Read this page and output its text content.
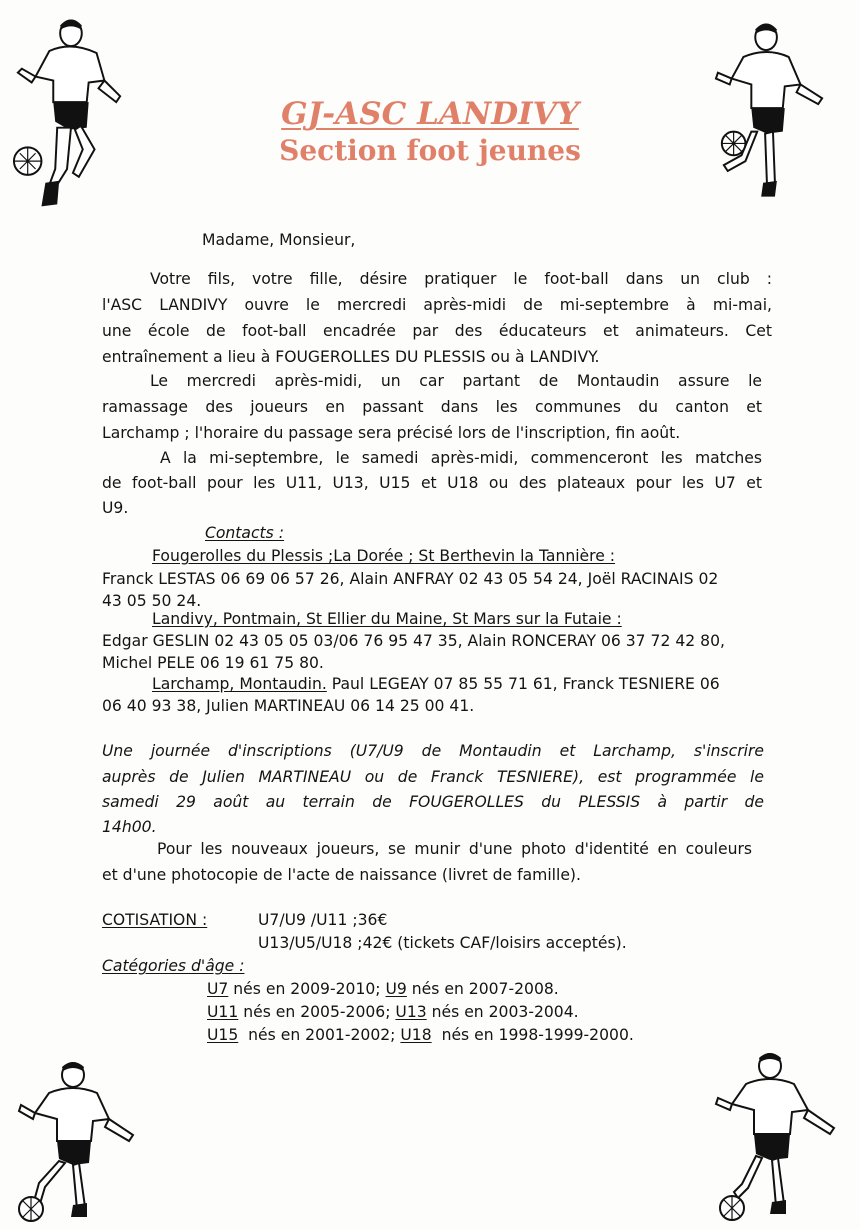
GJ-ASC LANDIVY
Section foot jeunes
Madame, Monsieur,
Votre fils, votre fille, désire pratiquer le foot-ball dans un club :
l'ASC LANDIVY ouvre le mercredi après-midi de mi-septembre à mi-mai,
une école de foot-ball encadrée par des éducateurs et animateurs. Cet
entraînement a lieu à FOUGEROLLES DU PLESSIS ou à LANDIVY.
Le mercredi après-midi, un car partant de Montaudin assure le
ramassage des joueurs en passant dans les communes du canton et
Larchamp ; l'horaire du passage sera précisé lors de l'inscription, fin août.
A la mi-septembre, le samedi après-midi, commenceront les matches
de foot-ball pour les U11, U13, U15 et U18 ou des plateaux pour les U7 et
U9.
Contacts :
Fougerolles du Plessis ;La Dorée ; St Berthevin la Tannière :
Franck LESTAS 06 69 06 57 26, Alain ANFRAY 02 43 05 54 24, Joël RACINAIS 02
43 05 50 24.
Landivy, Pontmain, St Ellier du Maine, St Mars sur la Futaie :
Edgar GESLIN 02 43 05 05 03/06 76 95 47 35, Alain RONCERAY 06 37 72 42 80,
Michel PELE 06 19 61 75 80.
Larchamp, Montaudin. Paul LEGEAY 07 85 55 71 61, Franck TESNIERE 06
06 40 93 38, Julien MARTINEAU 06 14 25 00 41.
Une journée d'inscriptions (U7/U9 de Montaudin et Larchamp, s'inscrire
auprès de Julien MARTINEAU ou de Franck TESNIERE), est programmée le
samedi 29 août au terrain de FOUGEROLLES du PLESSIS à partir de
14h00.
Pour les nouveaux joueurs, se munir d'une photo d'identité en couleurs
et d'une photocopie de l'acte de naissance (livret de famille).
COTISATION :	U7/U9 /U11 ;36€
U13/U5/U18 ;42€ (tickets CAF/loisirs acceptés).
Catégories d'âge :
U7 nés en 2009-2010; U9 nés en 2007-2008.
U11 nés en 2005-2006; U13 nés en 2003-2004.
U15  nés en 2001-2002; U18  nés en 1998-1999-2000.
